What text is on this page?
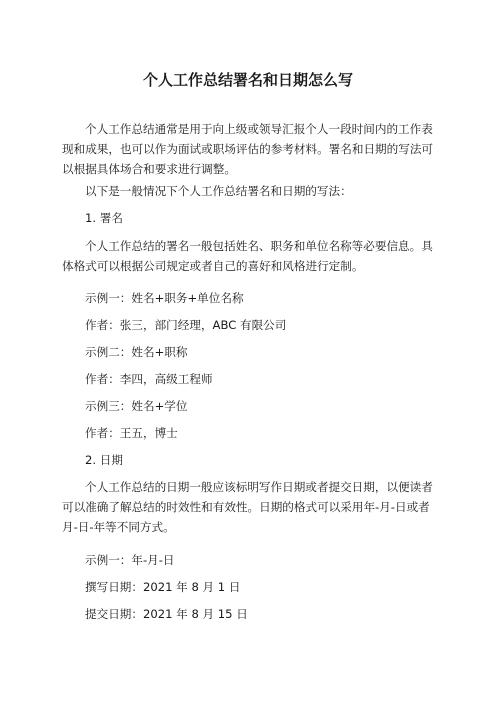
个人工作总结署名和日期怎么写

个人工作总结通常是用于向上级或领导汇报个人一段时间内的工作表现和成果，也可以作为面试或职场评估的参考材料。署名和日期的写法可以根据具体场合和要求进行调整。

以下是一般情况下个人工作总结署名和日期的写法：
1. 署名

个人工作总结的署名一般包括姓名、职务和单位名称等必要信息。具体格式可以根据公司规定或者自己的喜好和风格进行定制。

示例一：姓名+职务+单位名称
作者：张三，部门经理，ABC 有限公司
示例二：姓名+职称
作者：李四，高级工程师
示例三：姓名+学位
作者：王五，博士
2. 日期

个人工作总结的日期一般应该标明写作日期或者提交日期，以便读者可以准确了解总结的时效性和有效性。日期的格式可以采用年-月-日或者月-日-年等不同方式。

示例一：年-月-日
撰写日期：2021 年 8 月 1 日
提交日期：2021 年 8 月 15 日
